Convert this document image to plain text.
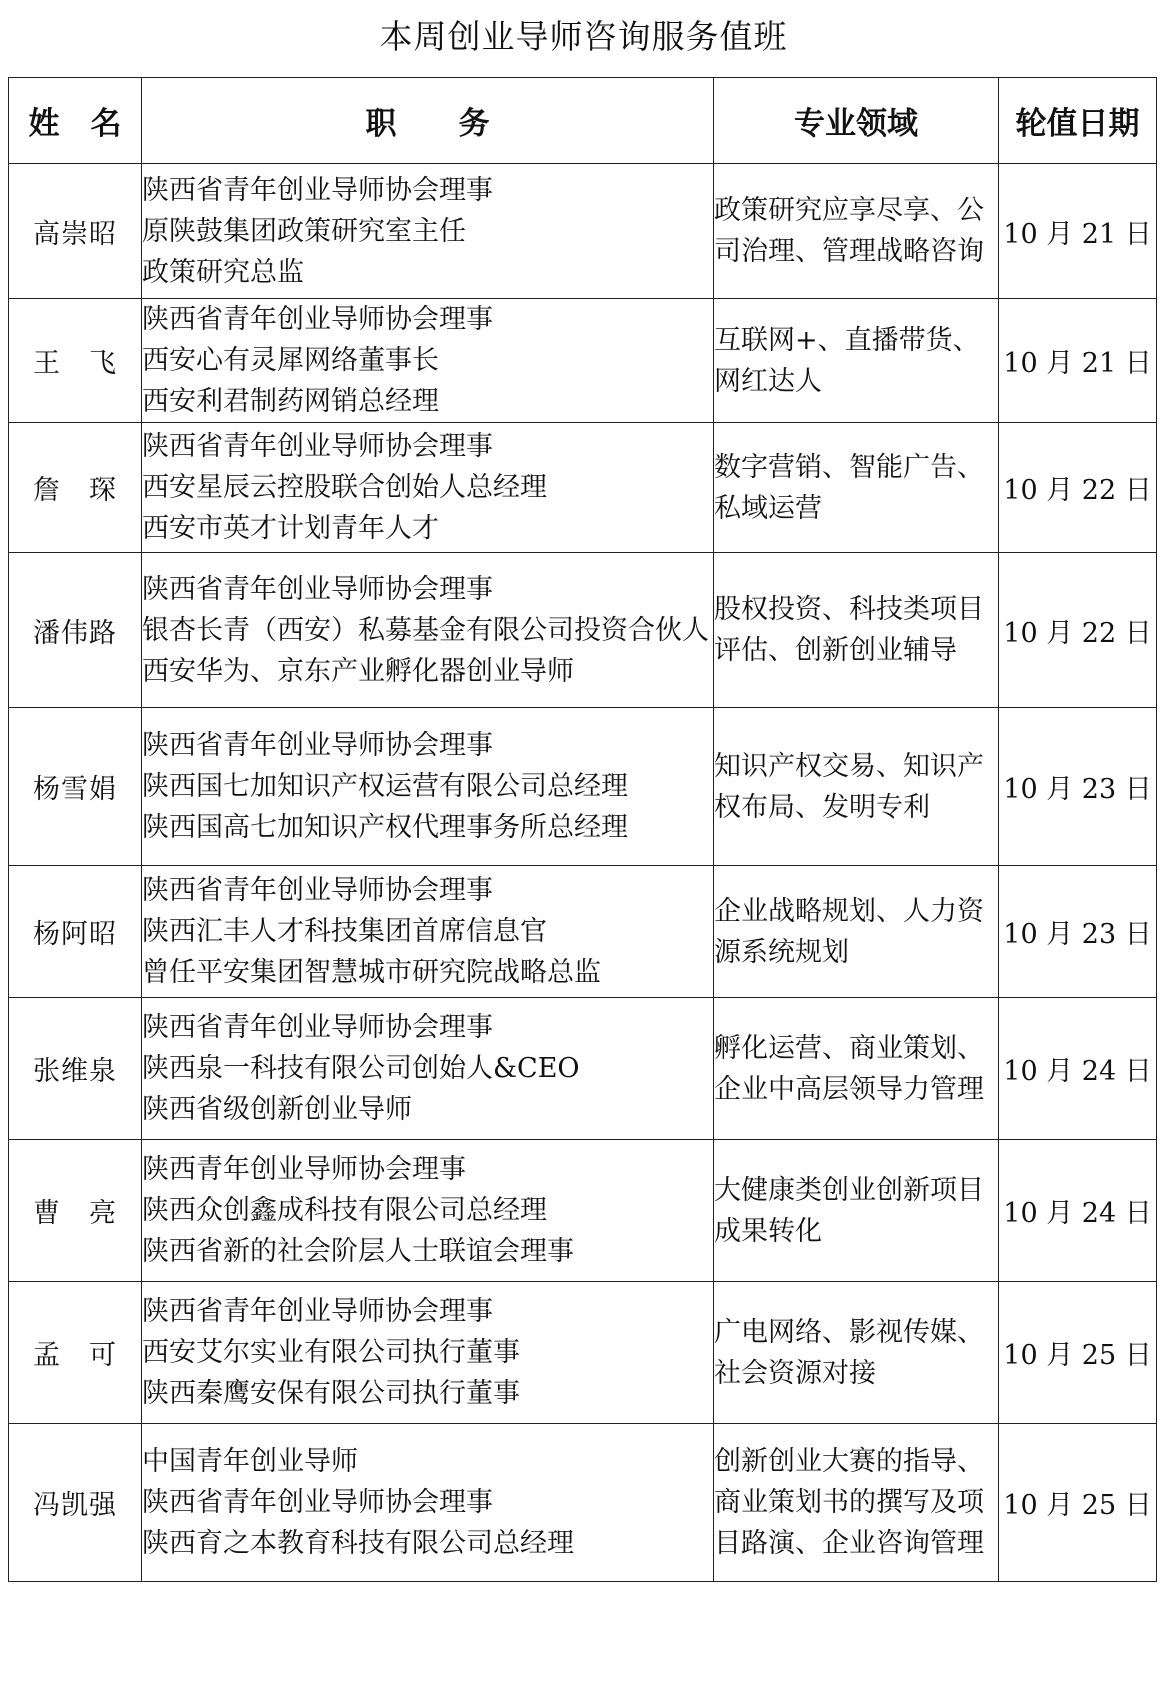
本周创业导师咨询服务值班
姓　名	职　　务	专业领域	轮值日期
高崇昭	陕西省青年创业导师协会理事
原陕鼓集团政策研究室主任
政策研究总监	政策研究应享尽享、公司治理、管理战略咨询	10 月 21 日
王　飞	陕西省青年创业导师协会理事
西安心有灵犀网络董事长
西安利君制药网销总经理	互联网+、直播带货、网红达人	10 月 21 日
詹　琛	陕西省青年创业导师协会理事
西安星辰云控股联合创始人总经理
西安市英才计划青年人才	数字营销、智能广告、私域运营	10 月 22 日
潘伟路	陕西省青年创业导师协会理事
银杏长青（西安）私募基金有限公司投资合伙人
西安华为、京东产业孵化器创业导师	股权投资、科技类项目评估、创新创业辅导	10 月 22 日
杨雪娟	陕西省青年创业导师协会理事
陕西国七加知识产权运营有限公司总经理
陕西国高七加知识产权代理事务所总经理	知识产权交易、知识产权布局、发明专利	10 月 23 日
杨阿昭	陕西省青年创业导师协会理事
陕西汇丰人才科技集团首席信息官
曾任平安集团智慧城市研究院战略总监	企业战略规划、人力资源系统规划	10 月 23 日
张维泉	陕西省青年创业导师协会理事
陕西泉一科技有限公司创始人&CEO
陕西省级创新创业导师	孵化运营、商业策划、企业中高层领导力管理	10 月 24 日
曹　亮	陕西青年创业导师协会理事
陕西众创鑫成科技有限公司总经理
陕西省新的社会阶层人士联谊会理事	大健康类创业创新项目成果转化	10 月 24 日
孟　可	陕西省青年创业导师协会理事
西安艾尔实业有限公司执行董事
陕西秦鹰安保有限公司执行董事	广电网络、影视传媒、社会资源对接	10 月 25 日
冯凯强	中国青年创业导师
陕西省青年创业导师协会理事
陕西育之本教育科技有限公司总经理	创新创业大赛的指导、商业策划书的撰写及项目路演、企业咨询管理	10 月 25 日
